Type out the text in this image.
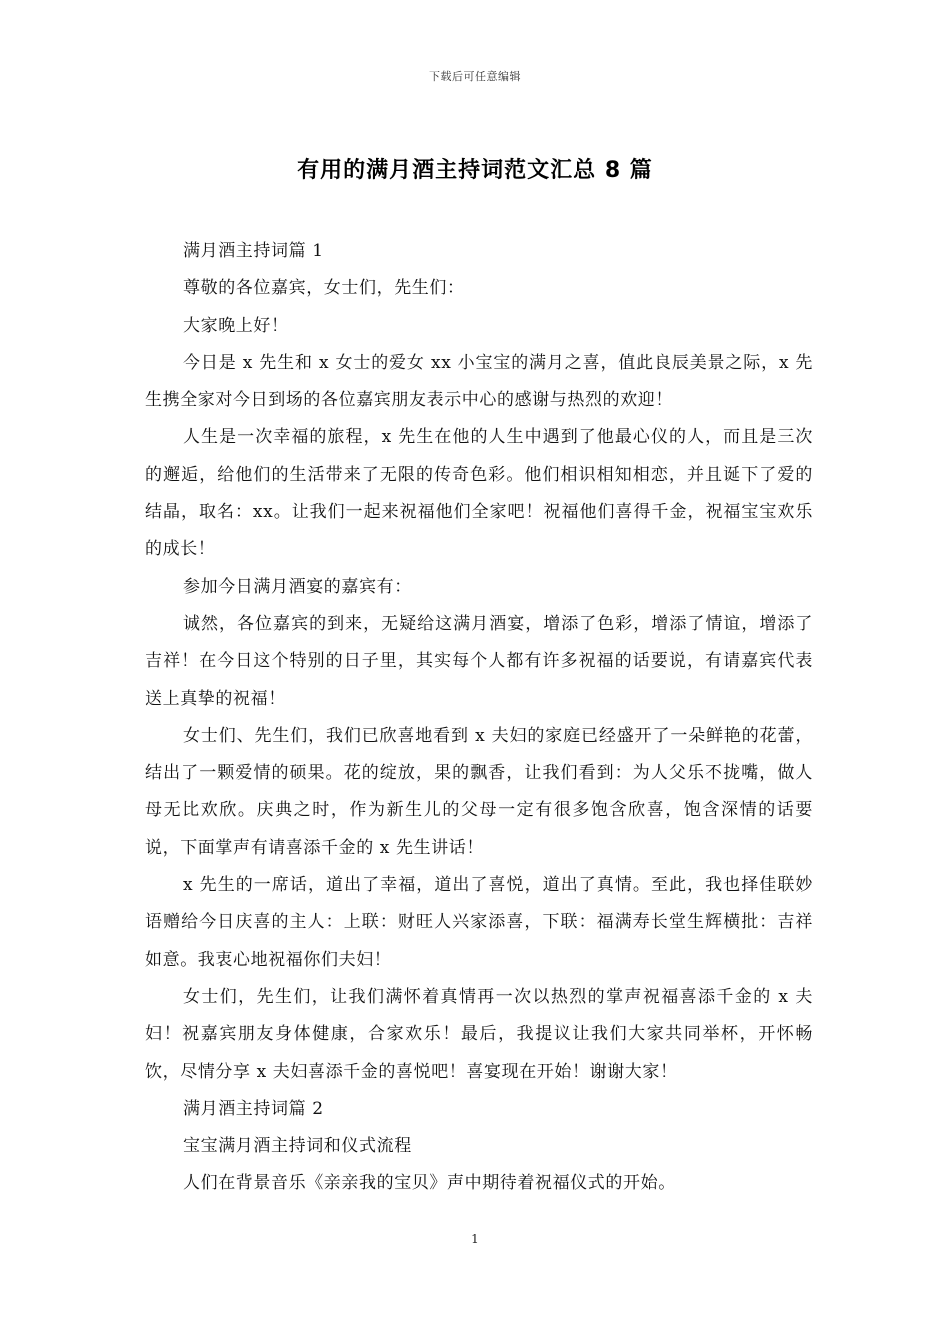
下载后可任意编辑
有用的满月酒主持词范文汇总 8 篇

满月酒主持词篇 1

尊敬的各位嘉宾，女士们，先生们：

大家晚上好！

今日是 x 先生和 x 女士的爱女 xx 小宝宝的满月之喜，值此良辰美景之际，x 先生携全家对今日到场的各位嘉宾朋友表示中心的感谢与热烈的欢迎！

人生是一次幸福的旅程，x 先生在他的人生中遇到了他最心仪的人，而且是三次的邂逅，给他们的生活带来了无限的传奇色彩。他们相识相知相恋，并且诞下了爱的结晶，取名：xx。让我们一起来祝福他们全家吧！祝福他们喜得千金，祝福宝宝欢乐的成长！

参加今日满月酒宴的嘉宾有：

诚然，各位嘉宾的到来，无疑给这满月酒宴，增添了色彩，增添了情谊，增添了吉祥！在今日这个特别的日子里，其实每个人都有许多祝福的话要说，有请嘉宾代表送上真挚的祝福！

女士们、先生们，我们已欣喜地看到 x 夫妇的家庭已经盛开了一朵鲜艳的花蕾，结出了一颗爱情的硕果。花的绽放，果的飘香，让我们看到：为人父乐不拢嘴，做人母无比欢欣。庆典之时，作为新生儿的父母一定有很多饱含欣喜，饱含深情的话要说，下面掌声有请喜添千金的 x 先生讲话！

x 先生的一席话，道出了幸福，道出了喜悦，道出了真情。至此，我也择佳联妙语赠给今日庆喜的主人：上联：财旺人兴家添喜，下联：福满寿长堂生辉横批：吉祥如意。我衷心地祝福你们夫妇！

女士们，先生们，让我们满怀着真情再一次以热烈的掌声祝福喜添千金的 x 夫妇！祝嘉宾朋友身体健康，合家欢乐！最后，我提议让我们大家共同举杯，开怀畅饮，尽情分享 x 夫妇喜添千金的喜悦吧！喜宴现在开始！谢谢大家！

满月酒主持词篇 2

宝宝满月酒主持词和仪式流程

人们在背景音乐《亲亲我的宝贝》声中期待着祝福仪式的开始。

1
